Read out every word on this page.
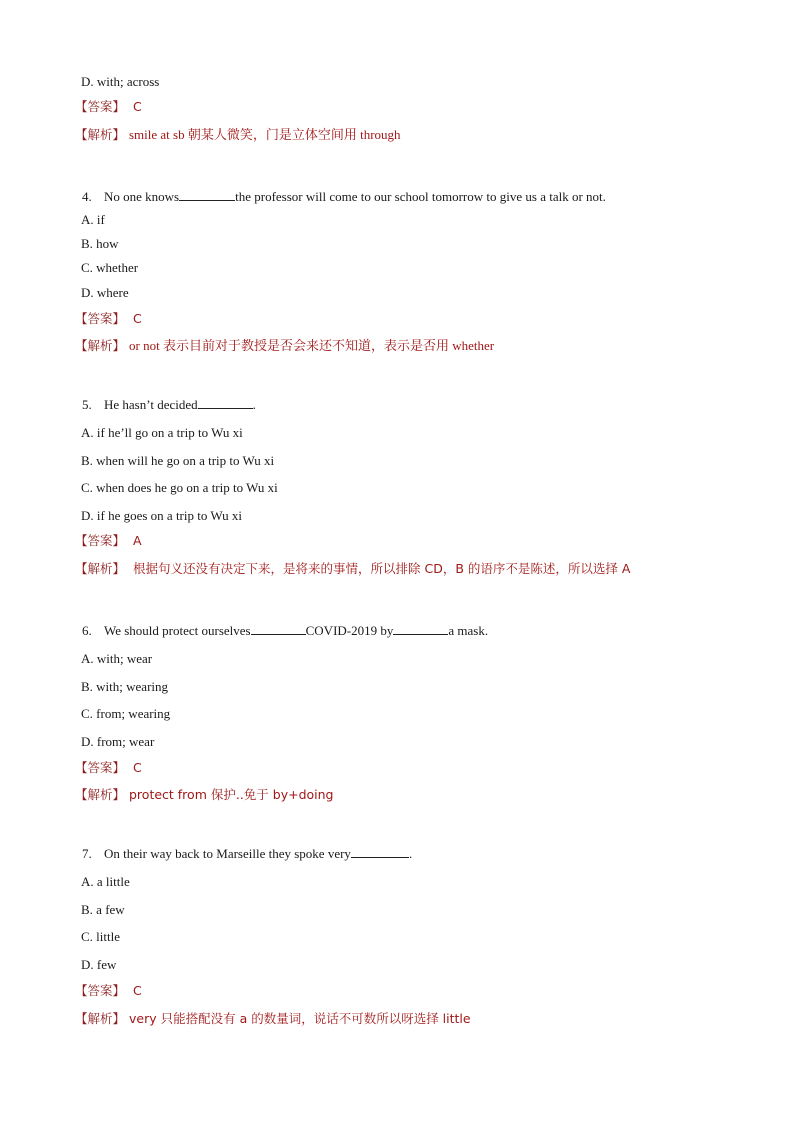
D. with; across
【答案】 C
【解析】 smile at sb 朝某人微笑，门是立体空间用 through
4. No one knows	the professor will come to our school tomorrow to give us a talk or not.
A. if
B. how
C. whether
D. where
【答案】 C
【解析】 or not 表示目前对于教授是否会来还不知道，表示是否用 whether
5. He hasn’t decided	.
A. if he’ll go on a trip to Wu xi
B. when will he go on a trip to Wu xi
C. when does he go on a trip to Wu xi
D. if he goes on a trip to Wu xi
【答案】 A
【解析】 根据句义还没有决定下来，是将来的事情，所以排除 CD，B 的语序不是陈述，所以选择 A
6. We should protect ourselves	COVID-2019 by	a mask.
A. with; wear
B. with; wearing
C. from; wearing
D. from; wear
【答案】 C
【解析】 protect from 保护..免于 by+doing
7. On their way back to Marseille they spoke very	.
A. a little
B. a few
C. little
D. few
【答案】 C
【解析】 very 只能搭配没有 a 的数量词，说话不可数所以呀选择 little
